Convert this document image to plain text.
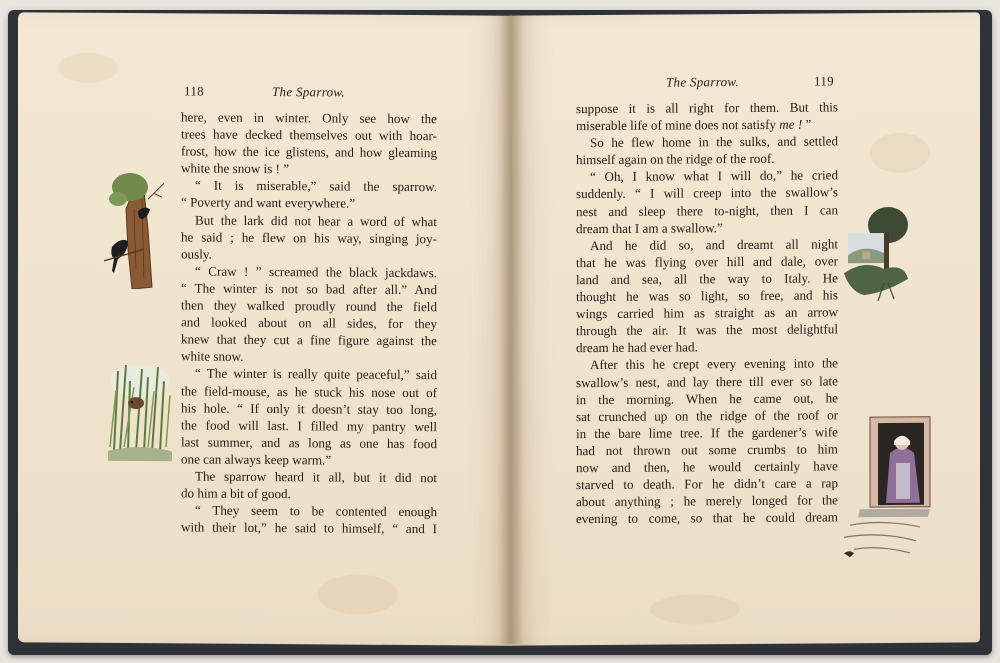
118	The Sparrow.
here, even in winter. Only see how the
trees have decked themselves out with hoar-
frost, how the ice glistens, and how gleaming
white the snow is ! ”
“ It is miserable,” said the sparrow.
“ Poverty and want everywhere.”
But the lark did not hear a word of what
he said ; he flew on his way, singing joy-
ously.
“ Craw ! ” screamed the black jackdaws.
“ The winter is not so bad after all.” And
then they walked proudly round the field
and looked about on all sides, for they
knew that they cut a fine figure against the
white snow.
“ The winter is really quite peaceful,” said
the field-mouse, as he stuck his nose out of
his hole. “ If only it doesn’t stay too long,
the food will last. I filled my pantry well
last summer, and as long as one has food
one can always keep warm.”
The sparrow heard it all, but it did not
do him a bit of good.
“ They seem to be contented enough
with their lot,” he said to himself, “ and I
The Sparrow.	119
suppose it is all right for them. But this
miserable life of mine does not satisfy me ! ”
So he flew home in the sulks, and settled
himself again on the ridge of the roof.
“ Oh, I know what I will do,” he cried
suddenly. “ I will creep into the swallow’s
nest and sleep there to-night, then I can
dream that I am a swallow.”
And he did so, and dreamt all night
that he was flying over hill and dale, over
land and sea, all the way to Italy. He
thought he was so light, so free, and his
wings carried him as straight as an arrow
through the air. It was the most delightful
dream he had ever had.
After this he crept every evening into the
swallow’s nest, and lay there till ever so late
in the morning. When he came out, he
sat crunched up on the ridge of the roof or
in the bare lime tree. If the gardener’s wife
had not thrown out some crumbs to him
now and then, he would certainly have
starved to death. For he didn’t care a rap
about anything ; he merely longed for the
evening to come, so that he could dream
